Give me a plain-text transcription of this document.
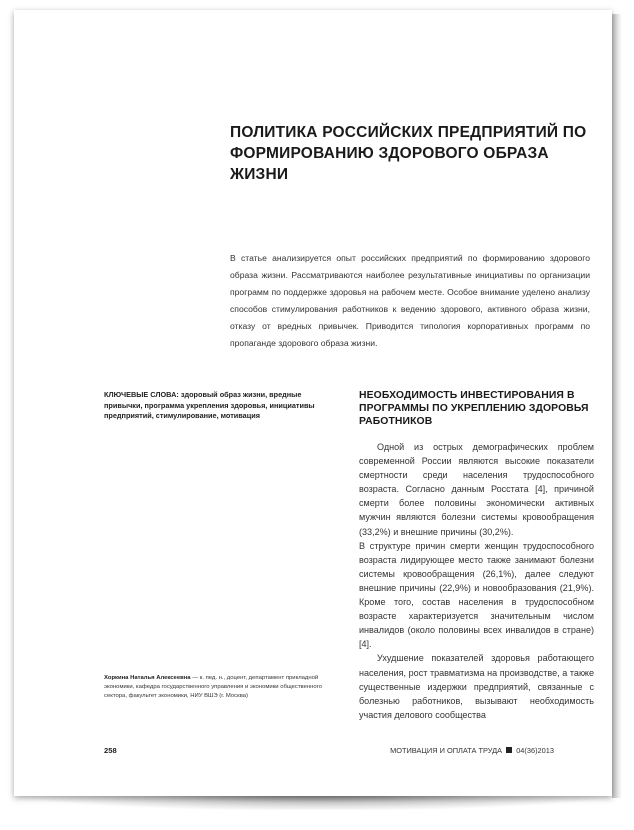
ПОЛИТИКА РОССИЙСКИХ ПРЕДПРИЯТИЙ ПО ФОРМИРОВАНИЮ ЗДОРОВОГО ОБРАЗА ЖИЗНИ

В статье анализируется опыт российских предприятий по формированию здорового образа жизни. Рассматриваются наиболее результативные инициативы по организации программ по поддержке здоровья на рабочем месте. Особое внимание уделено анализу способов стимулирования работников к ведению здорового, активного образа жизни, отказу от вредных привычек. Приводится типология корпоративных программ по пропаганде здорового образа жизни.

КЛЮЧЕВЫЕ СЛОВА: здоровый образ жизни, вредные привычки, программа укрепления здоровья, инициативы предприятий, стимулирование, мотивация

НЕОБХОДИМОСТЬ ИНВЕСТИРОВАНИЯ В ПРОГРАММЫ ПО УКРЕПЛЕНИЮ ЗДОРОВЬЯ РАБОТНИКОВ

Одной из острых демографических проблем современной России являются высокие показатели смертности среди населения трудоспособного возраста. Согласно данным Росстата [4], причиной смерти более половины экономически активных мужчин являются болезни системы кровообращения (33,2%) и внешние причины (30,2%).

В структуре причин смерти женщин трудоспособного возраста лидирующее место также занимают болезни системы кровообращения (26,1%), далее следуют внешние причины (22,9%) и новообразования (21,9%). Кроме того, состав населения в трудоспособном возрасте характеризуется значительным числом инвалидов (около половины всех инвалидов в стране) [4].

Ухудшение показателей здоровья работающего населения, рост травматизма на производстве, а также существенные издержки предприятий, связанные с болезнью работников, вызывают необходимость участия делового сообщества

Хоркина Наталья Алексеевна — к. пед. н., доцент, департамент прикладной экономики, кафедра государственного управления и экономики общественного сектора, факультет экономики, НИУ ВШЭ (г. Москва)

258	МОТИВАЦИЯ И ОПЛАТА ТРУДА 04(36)2013
